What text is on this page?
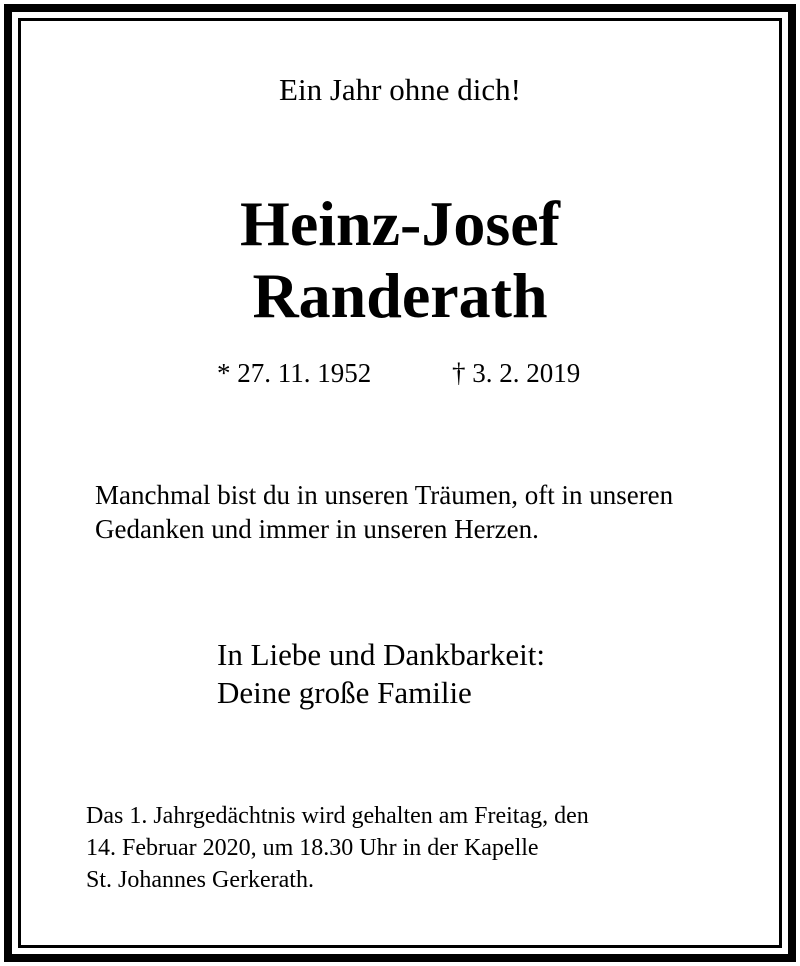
Ein Jahr ohne dich!

Heinz-Josef

Randerath

* 27. 11. 1952	† 3. 2. 2019

Manchmal bist du in unseren Träumen, oft in unseren

Gedanken und immer in unseren Herzen.

In Liebe und Dankbarkeit:

Deine große Familie

Das 1. Jahrgedächtnis wird gehalten am Freitag, den

14. Februar 2020, um 18.30 Uhr in der Kapelle

St. Johannes Gerkerath.
